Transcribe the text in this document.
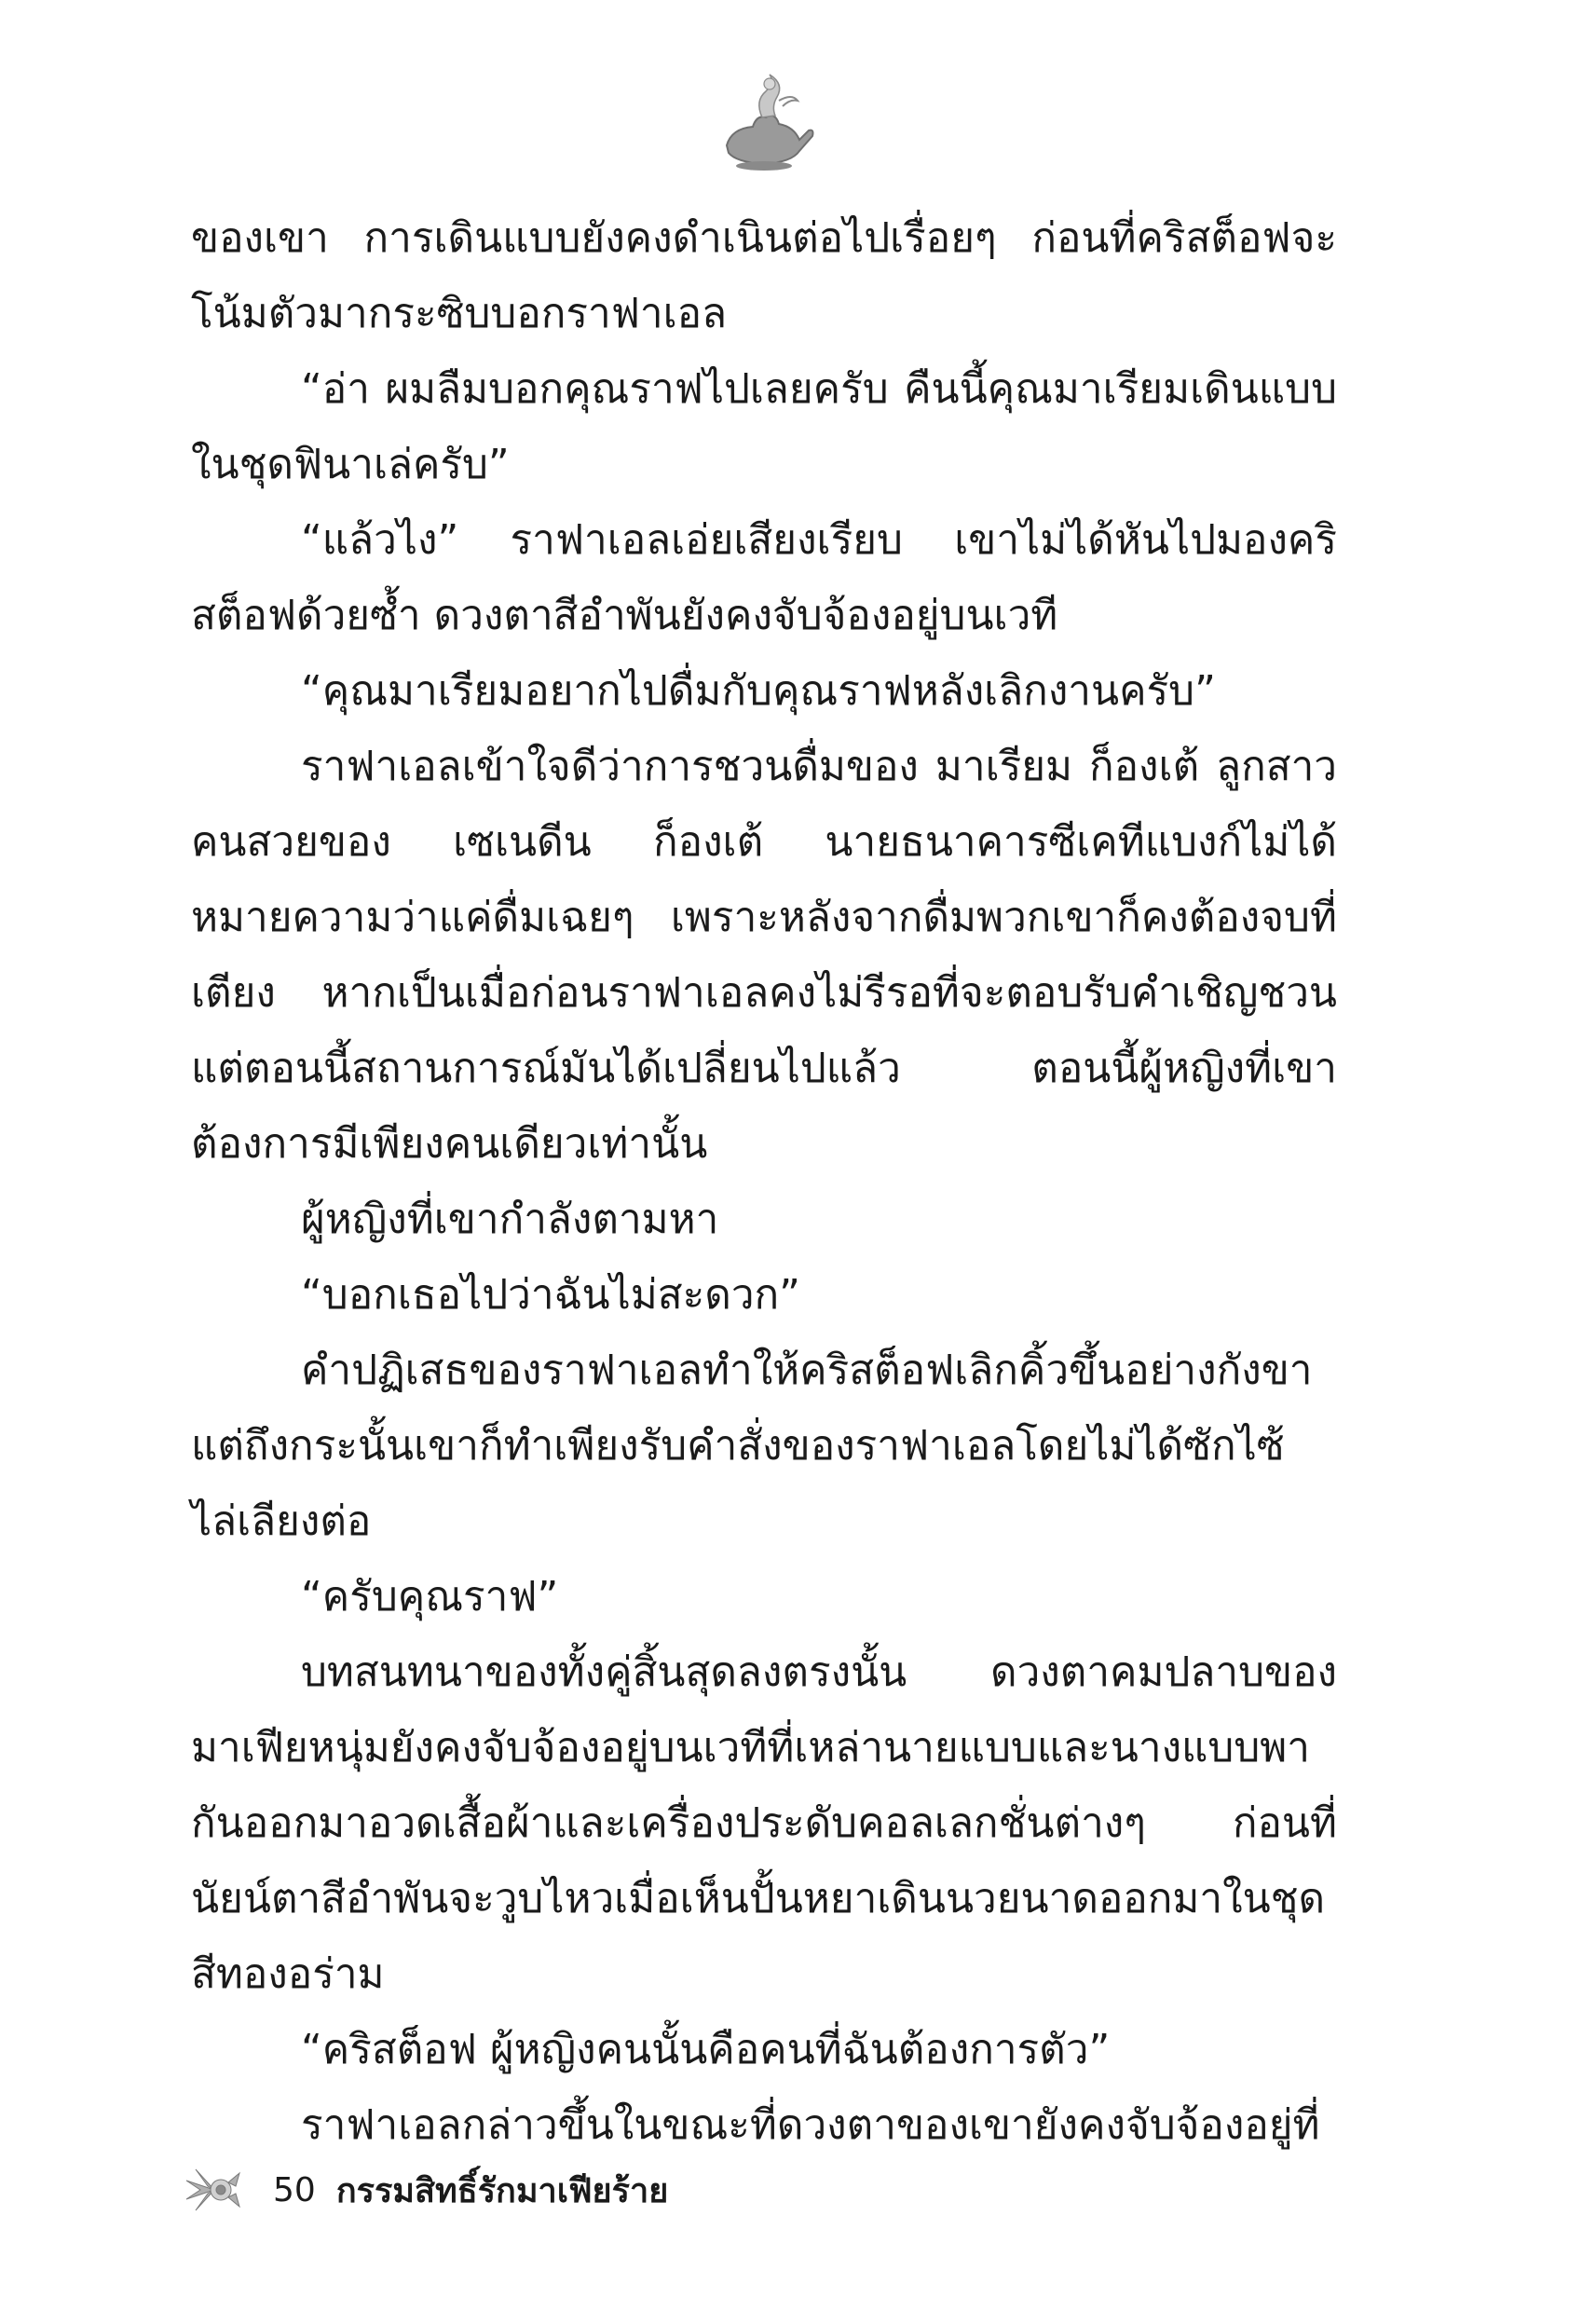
ของเขา การเดินแบบยังคงดำเนินต่อไปเรื่อยๆ ก่อนที่คริสต็อฟจะโน้มตัวมากระซิบบอกราฟาเอล

“อ่า ผมลืมบอกคุณราฟไปเลยครับ คืนนี้คุณมาเรียมเดินแบบในชุดฟินาเล่ครับ”

“แล้วไง” ราฟาเอลเอ่ยเสียงเรียบ เขาไม่ได้หันไปมองคริสต็อฟด้วยซ้ำ ดวงตาสีอำพันยังคงจับจ้องอยู่บนเวที

“คุณมาเรียมอยากไปดื่มกับคุณราฟหลังเลิกงานครับ”

ราฟาเอลเข้าใจดีว่าการชวนดื่มของ มาเรียม ก็องเต้ ลูกสาวคนสวยของ เซเนดีน ก็องเต้ นายธนาคารซีเคทีแบงก์ไม่ได้หมายความว่าแค่ดื่มเฉยๆ เพราะหลังจากดื่มพวกเขาก็คงต้องจบที่เตียง หากเป็นเมื่อก่อนราฟาเอลคงไม่รีรอที่จะตอบรับคำเชิญชวนแต่ตอนนี้สถานการณ์มันได้เปลี่ยนไปแล้ว ตอนนี้ผู้หญิงที่เขาต้องการมีเพียงคนเดียวเท่านั้น

ผู้หญิงที่เขากำลังตามหา

“บอกเธอไปว่าฉันไม่สะดวก”

คำปฏิเสธของราฟาเอลทำให้คริสต็อฟเลิกคิ้วขึ้นอย่างกังขา แต่ถึงกระนั้นเขาก็ทำเพียงรับคำสั่งของราฟาเอลโดยไม่ได้ซักไซ้ไล่เลียงต่อ

“ครับคุณราฟ”

บทสนทนาของทั้งคู่สิ้นสุดลงตรงนั้น ดวงตาคมปลาบของมาเฟียหนุ่มยังคงจับจ้องอยู่บนเวทีที่เหล่านายแบบและนางแบบพากันออกมาอวดเสื้อผ้าและเครื่องประดับคอลเลกชั่นต่างๆ ก่อนที่นัยน์ตาสีอำพันจะวูบไหวเมื่อเห็นปั้นหยาเดินนวยนาดออกมาในชุดสีทองอร่าม

“คริสต็อฟ ผู้หญิงคนนั้นคือคนที่ฉันต้องการตัว”

ราฟาเอลกล่าวขึ้นในขณะที่ดวงตาของเขายังคงจับจ้องอยู่ที่

50 กรรมสิทธิ์รักมาเฟียร้าย
